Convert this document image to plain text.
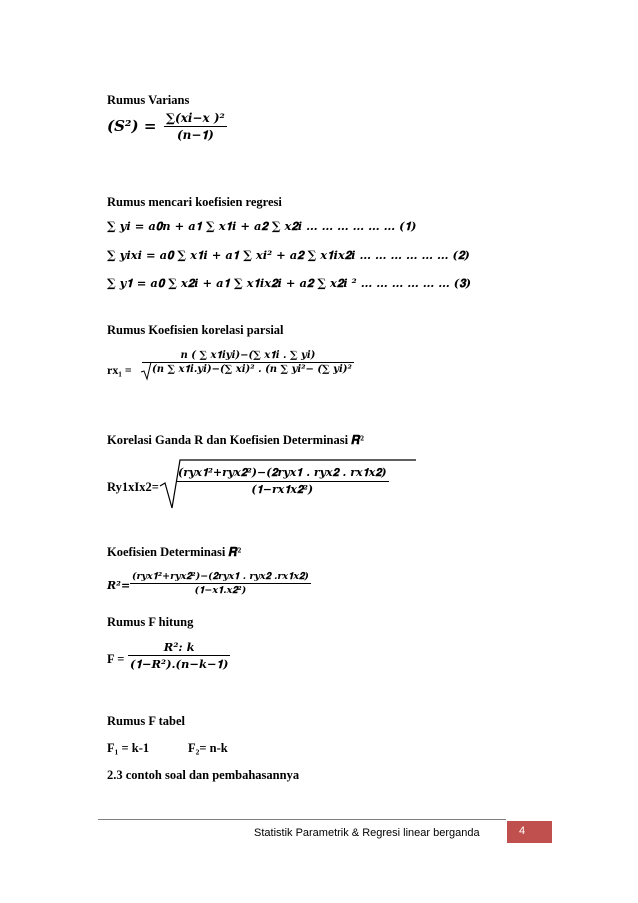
Rumus Varians
(𝑺²) = ∑(𝒙𝒊−𝒙 )²
(𝒏−𝟏)
Rumus mencari koefisien regresi
∑ 𝒚𝒊 = 𝒂𝟎𝒏 + 𝒂𝟏 ∑ 𝒙𝟏𝒊 + 𝒂𝟐 ∑ 𝒙𝟐𝒊 … … … … … … (𝟏)
∑ 𝒚𝒊𝒙𝒊 = 𝒂𝟎 ∑ 𝒙𝟏𝒊 + 𝒂𝟏 ∑ 𝒙𝒊² + 𝒂𝟐 ∑ 𝒙𝟏𝒊𝒙𝟐𝒊 … … … … … … (𝟐)
∑ 𝒚𝟏 = 𝒂𝟎 ∑ 𝒙𝟐𝒊 + 𝒂𝟏 ∑ 𝒙𝟏𝒊𝒙𝟐𝒊 + 𝒂𝟐 ∑ 𝒙𝟐𝒊 ² … … … … … … (𝟑)
Rumus Koefisien korelasi parsial
rx₁ =
𝒏 ( ∑ 𝒙𝟏𝒊𝒚𝒊)−(∑ 𝒙𝟏𝒊 . ∑ 𝒚𝒊)
(𝒏 ∑ 𝒙𝟏𝒊.𝒚𝒊)−(∑ 𝒙𝒊)² . (𝒏 ∑ 𝒚𝒊²− (∑ 𝒚𝒊)²
Korelasi Ganda R dan Koefisien Determinasi 𝑹²
Ry1xIx2=
(𝒓𝒚𝒙𝟏²+𝒓𝒚𝒙𝟐²)−(𝟐𝒓𝒚𝒙𝟏 . 𝒓𝒚𝒙𝟐 . 𝒓𝒙𝟏𝒙𝟐)
(𝟏−𝒓𝒙𝟏𝒙𝟐²)
Koefisien Determinasi 𝑹²
𝑹²=
(𝒓𝒚𝒙𝟏²+𝒓𝒚𝒙𝟐²)−(𝟐𝒓𝒚𝒙𝟏 . 𝒓𝒚𝒙𝟐 .𝒓𝒙𝟏𝒙𝟐)
(𝟏−𝒙𝟏.𝒙𝟐²)
Rumus F hitung
F =
𝑹²: 𝒌
(𝟏−𝑹²).(𝒏−𝒌−𝟏)
Rumus F tabel
F₁ = k-1	F₂= n-k
2.3 contoh soal dan pembahasannya
Statistik Parametrik & Regresi linear berganda	4
